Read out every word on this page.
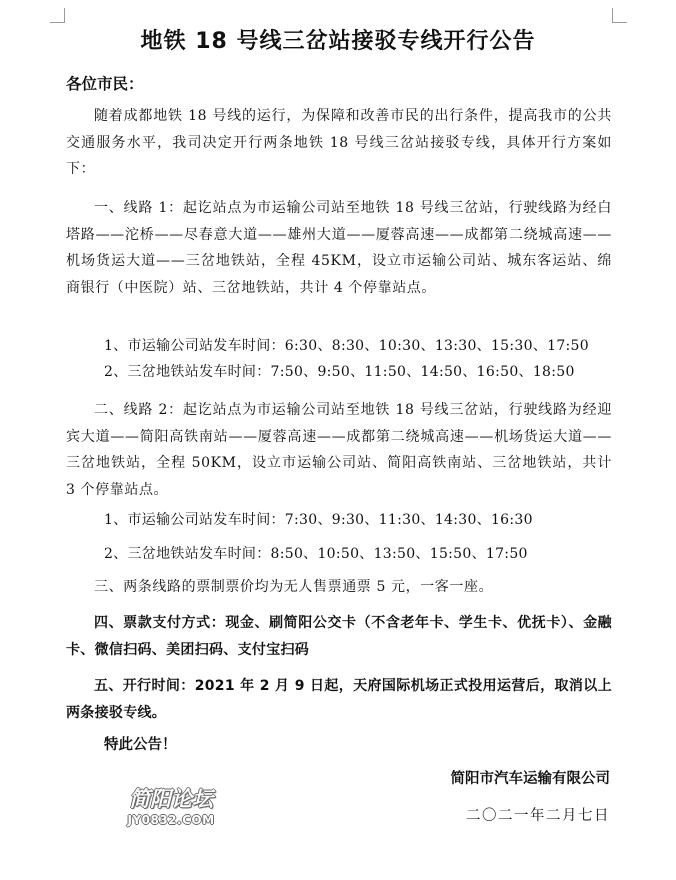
地铁 18 号线三岔站接驳专线开行公告
各位市民：
随着成都地铁 18 号线的运行，为保障和改善市民的出行条件，提高我市的公共交通服务水平，我司决定开行两条地铁 18 号线三岔站接驳专线，具体开行方案如下：
一、线路 1：起讫站点为市运输公司站至地铁 18 号线三岔站，行驶线路为经白塔路——沱桥——尽春意大道——雄州大道——厦蓉高速——成都第二绕城高速——机场货运大道——三岔地铁站，全程 45KM，设立市运输公司站、城东客运站、绵商银行（中医院）站、三岔地铁站，共计 4 个停靠站点。
1、市运输公司站发车时间：6:30、8:30、10:30、13:30、15:30、17:50
2、三岔地铁站发车时间：7:50、9:50、11:50、14:50、16:50、18:50
二、线路 2：起讫站点为市运输公司站至地铁 18 号线三岔站，行驶线路为经迎宾大道——简阳高铁南站——厦蓉高速——成都第二绕城高速——机场货运大道——三岔地铁站，全程 50KM，设立市运输公司站、简阳高铁南站、三岔地铁站，共计 3 个停靠站点。
1、市运输公司站发车时间：7:30、9:30、11:30、14:30、16:30
2、三岔地铁站发车时间：8:50、10:50、13:50、15:50、17:50
三、两条线路的票制票价均为无人售票通票 5 元，一客一座。
四、票款支付方式：现金、刷简阳公交卡（不含老年卡、学生卡、优抚卡）、金融卡、微信扫码、美团扫码、支付宝扫码
五、开行时间：2021 年 2 月 9 日起，天府国际机场正式投用运营后，取消以上两条接驳专线。
特此公告！
简阳市汽车运输有限公司
二〇二一年二月七日
简阳论坛
JY0832.COM
